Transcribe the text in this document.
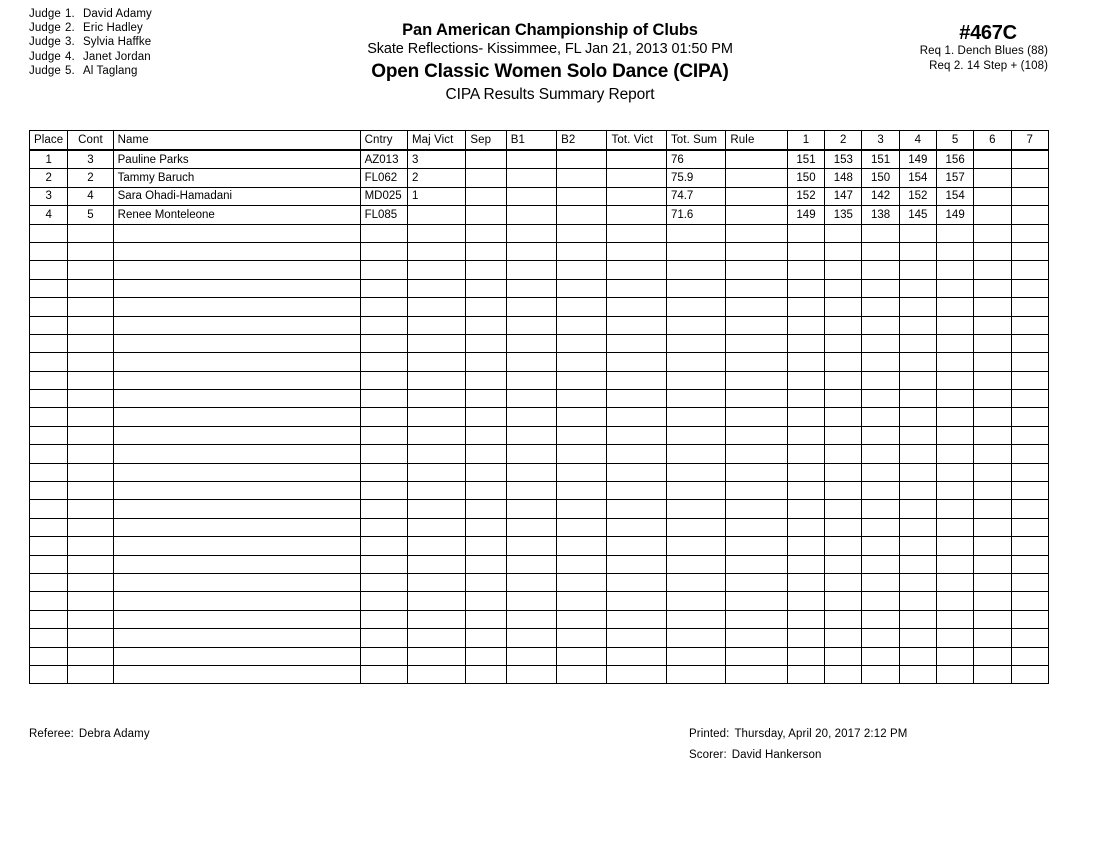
Judge 1. David Adamy
Judge 2. Eric Hadley
Judge 3. Sylvia Haffke
Judge 4. Janet Jordan
Judge 5. Al Taglang
Pan American Championship of Clubs
Skate Reflections- Kissimmee, FL Jan 21, 2013 01:50 PM
Open Classic Women Solo Dance (CIPA)
CIPA Results Summary Report
#467C
Req 1. Dench Blues (88)
Req 2. 14 Step + (108)
Place	Cont	Name	Cntry	Maj Vict	Sep	B1	B2	Tot. Vict	Tot. Sum	Rule	1	2	3	4	5	6	7
1	3	Pauline Parks	AZ013	3					76		151	153	151	149	156		
2	2	Tammy Baruch	FL062	2					75.9		150	148	150	154	157		
3	4	Sara Ohadi-Hamadani	MD025	1					74.7		152	147	142	152	154		
4	5	Renee Monteleone	FL085						71.6		149	135	138	145	149		

Referee: Debra Adamy	Printed: Thursday, April 20, 2017 2:12 PM
Scorer: David Hankerson
